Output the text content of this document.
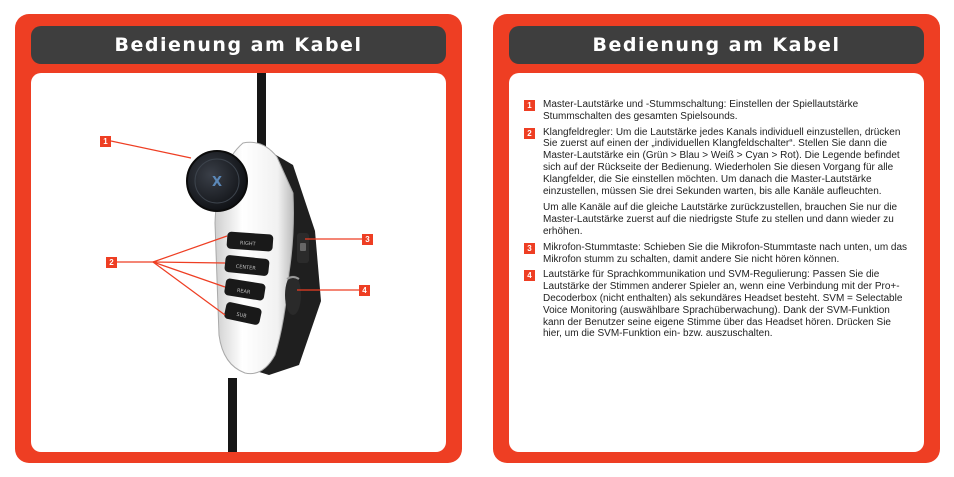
Bedienung am Kabel
X
RIGHT
CENTER
REAR
SUB
1
2
3
4
Bedienung am Kabel
1	Master-Lautstärke und -Stummschaltung: Einstellen der Spiellautstärke Stummschalten des gesamten Spielsounds.

2	Klangfeldregler: Um die Lautstärke jedes Kanals individuell einzustellen, drücken Sie zuerst auf einen der „individuellen Klangfeldschalter“. Stellen Sie dann die Master-Lautstärke ein (Grün > Blau > Weiß > Cyan > Rot). Die Legende befindet sich auf der Rückseite der Bedienung. Wiederholen Sie diesen Vorgang für alle Klangfelder, die Sie einstellen möchten. Um danach die Master-Lautstärke einzustellen, müssen Sie drei Sekunden warten, bis alle Kanäle aufleuchten.

Um alle Kanäle auf die gleiche Lautstärke zurückzustellen, brauchen Sie nur die Master-Lautstärke zuerst auf die niedrigste Stufe zu stellen und dann wieder zu erhöhen.

3	Mikrofon-Stummtaste: Schieben Sie die Mikrofon-Stummtaste nach unten, um das Mikrofon stumm zu schalten, damit andere Sie nicht hören können.

4	Lautstärke für Sprachkommunikation und SVM-Regulierung: Passen Sie die Lautstärke der Stimmen anderer Spieler an, wenn eine Verbindung mit der Pro+-Decoderbox (nicht enthalten) als sekundäres Headset besteht. SVM = Selectable Voice Monitoring (auswählbare Sprachüberwachung). Dank der SVM-Funktion kann der Benutzer seine eigene Stimme über das Headset hören. Drücken Sie hier, um die SVM-Funktion ein- bzw. auszuschalten.
